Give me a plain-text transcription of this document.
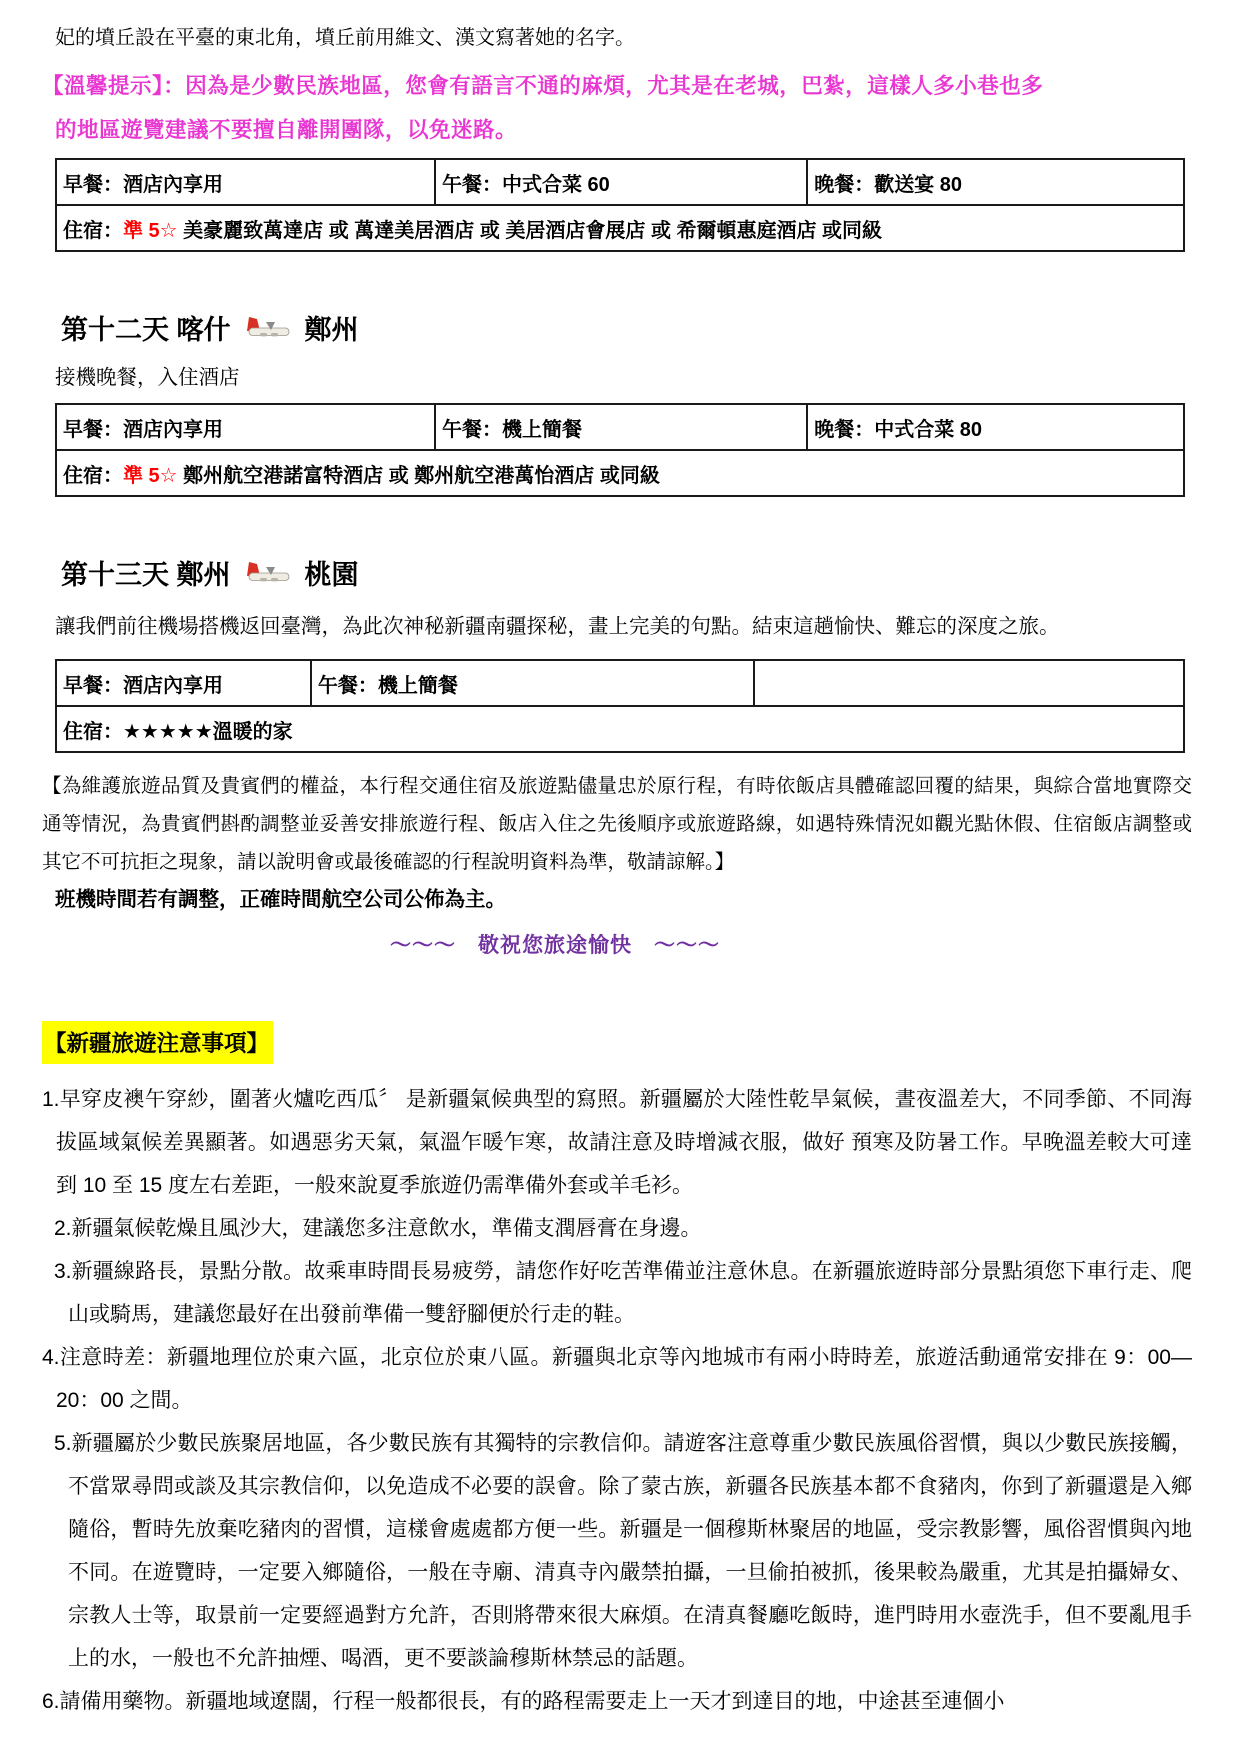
妃的墳丘設在平臺的東北角，墳丘前用維文、漢文寫著她的名字。

【溫馨提示】：因為是少數民族地區，您會有語言不通的麻煩，尤其是在老城，巴紮，這樣人多小巷也多
的地區遊覽建議不要擅自離開團隊，以免迷路。

早餐：酒店內享用	午餐：中式合菜 60	晚餐：歡送宴 80
住宿：準 5☆ 美豪麗致萬達店 或 萬達美居酒店 或 美居酒店會展店 或 希爾頓惠庭酒店 或同級
第十二天 喀什	鄭州

接機晚餐，入住酒店

早餐：酒店內享用	午餐：機上簡餐	晚餐：中式合菜 80
住宿：準 5☆ 鄭州航空港諾富特酒店 或 鄭州航空港萬怡酒店 或同級
第十三天 鄭州	桃園

讓我們前往機場搭機返回臺灣，為此次神秘新疆南疆探秘，畫上完美的句點。結束這趟愉快、難忘的深度之旅。

早餐：酒店內享用	午餐：機上簡餐	
住宿：★★★★★溫暖的家

【為維護旅遊品質及貴賓們的權益，本行程交通住宿及旅遊點儘量忠於原行程，有時依飯店具體確認回覆的結果，與綜合當地實際交通等情況，為貴賓們斟酌調整並妥善安排旅遊行程、飯店入住之先後順序或旅遊路線，如遇特殊情況如觀光點休假、住宿飯店調整或其它不可抗拒之現象，請以說明會或最後確認的行程說明資料為準，敬請諒解。】

班機時間若有調整，正確時間航空公司公佈為主。

～～～　敬祝您旅途愉快　～～～

【新疆旅遊注意事項】

1.早穿皮襖午穿紗，圍著火爐吃西瓜〞 是新疆氣候典型的寫照。新疆屬於大陸性乾旱氣候，晝夜溫差大，不同季節、不同海拔區域氣候差異顯著。如遇惡劣天氣，氣溫乍暖乍寒，故請注意及時增減衣服，做好 預寒及防暑工作。早晚溫差較大可達到 10 至 15 度左右差距，一般來說夏季旅遊仍需準備外套或羊毛衫。

2.新疆氣候乾燥且風沙大，建議您多注意飲水，準備支潤唇膏在身邊。

3.新疆線路長，景點分散。故乘車時間長易疲勞，請您作好吃苦準備並注意休息。在新疆旅遊時部分景點須您下車行走、爬山或騎馬，建議您最好在出發前準備一雙舒腳便於行走的鞋。

4.注意時差：新疆地理位於東六區，北京位於東八區。新疆與北京等內地城市有兩小時時差，旅遊活動通常安排在 9：00—20：00 之間。

5.新疆屬於少數民族聚居地區，各少數民族有其獨特的宗教信仰。請遊客注意尊重少數民族風俗習慣，與以少數民族接觸，不當眾尋問或談及其宗教信仰，以免造成不必要的誤會。除了蒙古族，新疆各民族基本都不食豬肉，你到了新疆還是入鄉隨俗，暫時先放棄吃豬肉的習慣，這樣會處處都方便一些。新疆是一個穆斯林聚居的地區，受宗教影響，風俗習慣與內地不同。在遊覽時，一定要入鄉隨俗，一般在寺廟、清真寺內嚴禁拍攝，一旦偷拍被抓，後果較為嚴重，尤其是拍攝婦女、宗教人士等，取景前一定要經過對方允許，否則將帶來很大麻煩。在清真餐廳吃飯時，進門時用水壺洗手，但不要亂甩手上的水，一般也不允許抽煙、喝酒，更不要談論穆斯林禁忌的話題。

6.請備用藥物。新疆地域遼闊，行程一般都很長，有的路程需要走上一天才到達目的地，中途甚至連個小
